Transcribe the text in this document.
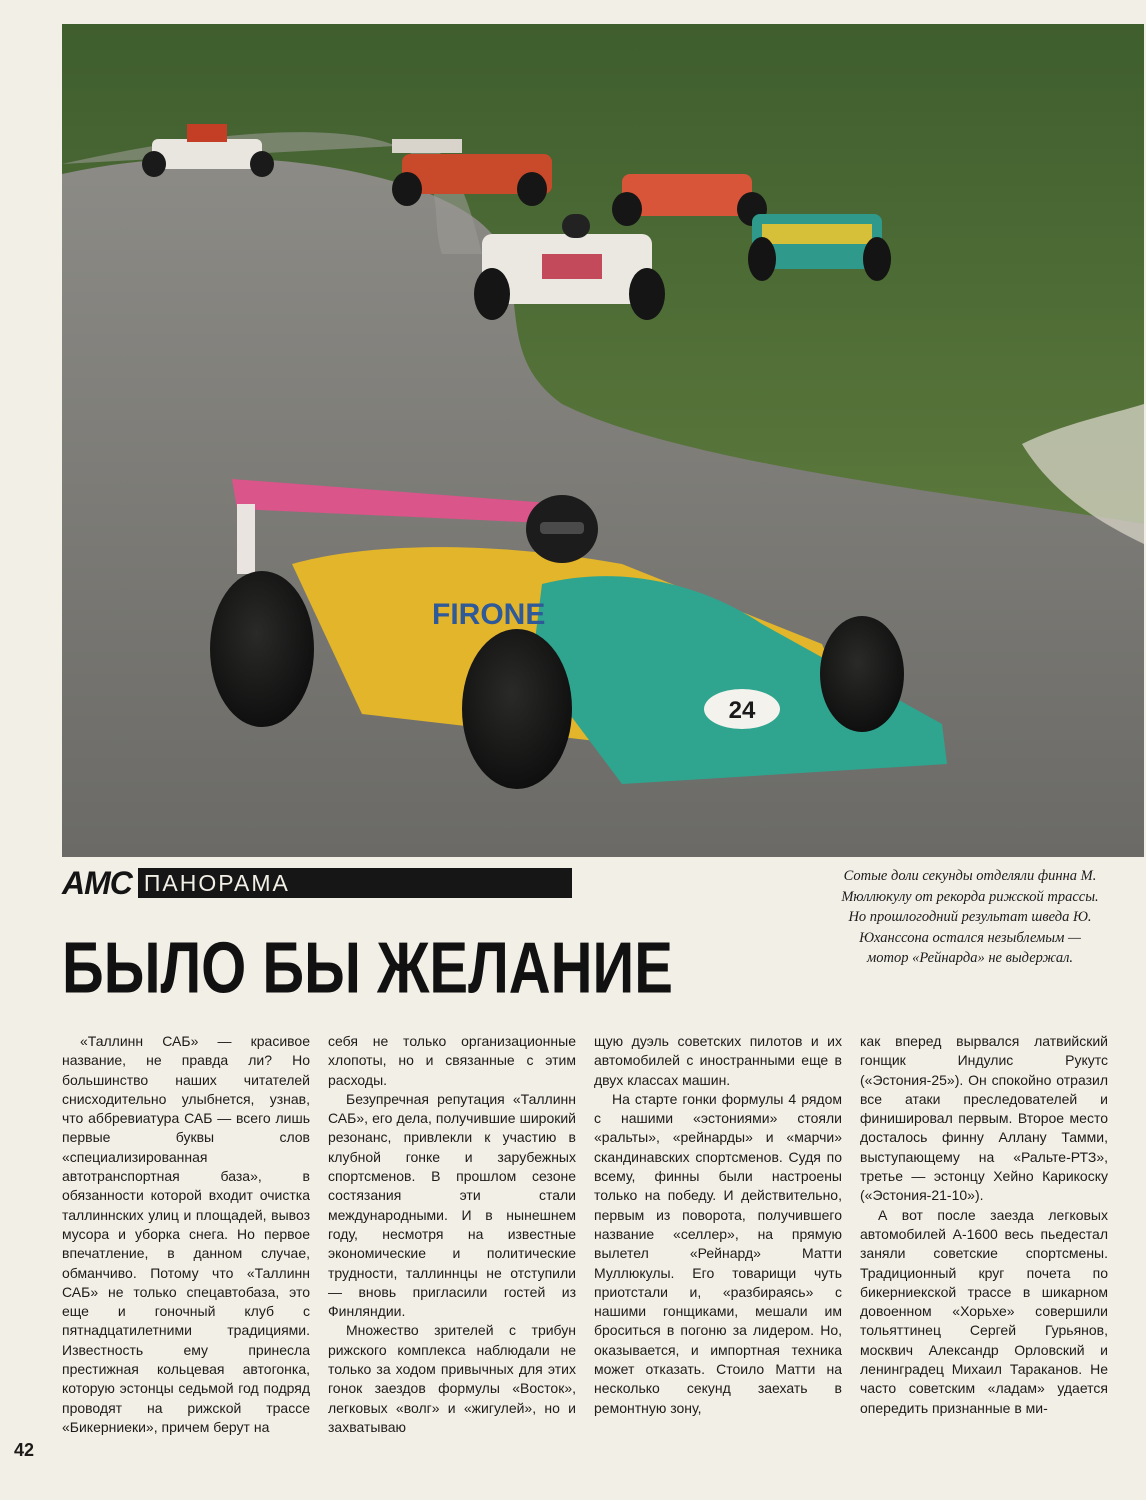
24
FIRONE
АМС ПАНОРАМА
БЫЛО БЫ ЖЕЛАНИЕ
Сотые доли секунды отделяли финна М. Мюллюкулу от рекорда рижской трассы. Но прошлогодний результат шведа Ю. Юханссона остался незыблемым — мотор «Рейнарда» не выдержал.

«Таллинн САБ» — красивое название, не правда ли? Но большинство наших читателей снисходительно улыбнется, узнав, что аббревиатура САБ — всего лишь первые буквы слов «специализированная автотранспортная база», в обязанности которой входит очистка таллиннских улиц и площадей, вывоз мусора и уборка снега. Но первое впечатление, в данном случае, обманчиво. Потому что «Таллинн САБ» не только спецавтобаза, это еще и гоночный клуб с пятнадцатилетними традициями. Известность ему принесла престижная кольцевая автогонка, которую эстонцы седьмой год подряд проводят на рижской трассе «Бикерниеки», причем берут на

себя не только организационные хлопоты, но и связанные с этим расходы.

Безупречная репутация «Таллинн САБ», его дела, получившие широкий резонанс, привлекли к участию в клубной гонке и зарубежных спортсменов. В прошлом сезоне состязания эти стали международными. И в нынешнем году, несмотря на известные экономические и политические трудности, таллиннцы не отступили — вновь пригласили гостей из Финляндии.

Множество зрителей с трибун рижского комплекса наблюдали не только за ходом привычных для этих гонок заездов формулы «Восток», легковых «волг» и «жигулей», но и захватываю

щую дуэль советских пилотов и их автомобилей с иностранными еще в двух классах машин.

На старте гонки формулы 4 рядом с нашими «эстониями» стояли «ральты», «рейнарды» и «марчи» скандинавских спортсменов. Судя по всему, финны были настроены только на победу. И действительно, первым из поворота, получившего название «селлер», на прямую вылетел «Рейнард» Матти Муллюкулы. Его товарищи чуть приотстали и, «разбираясь» с нашими гонщиками, мешали им броситься в погоню за лидером. Но, оказывается, и импортная техника может отказать. Стоило Матти на несколько секунд заехать в ремонтную зону,

как вперед вырвался латвийский гонщик Индулис Рукутс («Эстония-25»). Он спокойно отразил все атаки преследователей и финишировал первым. Второе место досталось финну Аллану Тамми, выступающему на «Ральте-РТЗ», третье — эстонцу Хейно Карикоску («Эстония-21-10»).

А вот после заезда легковых автомобилей А-1600 весь пьедестал заняли советские спортсмены. Традиционный круг почета по бикерниекской трассе в шикарном довоенном «Хорьхе» совершили тольяттинец Сергей Гурьянов, москвич Александр Орловский и ленинградец Михаил Тараканов. Не часто советским «ладам» удается опередить признанные в ми-

42
